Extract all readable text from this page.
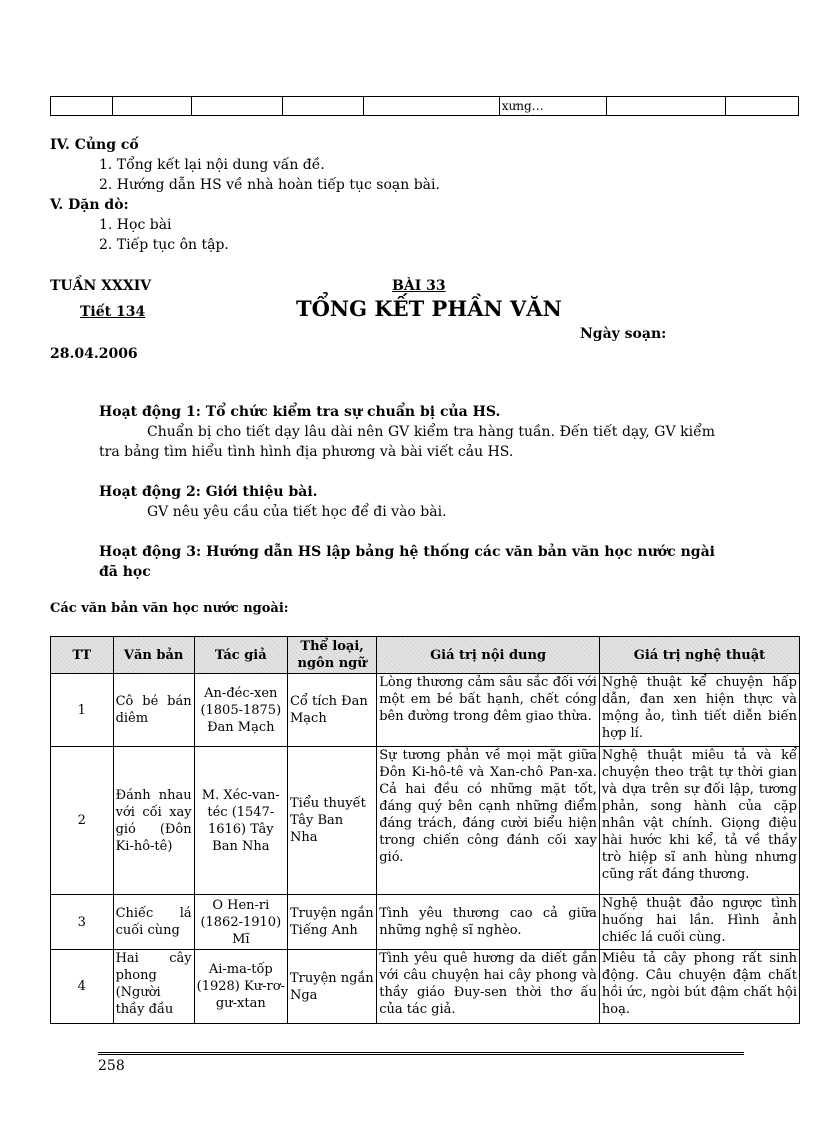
					xưng…		
IV. Củng cố
1. Tổng kết lại nội dung vấn đề.
2. Hướng dẫn HS về nhà hoàn tiếp tục soạn bài.
V. Dặn dò:
1. Học bài
2. Tiếp tục ôn tập.
TUẦN XXXIV
Tiết 134
BÀI 33
TỔNG KẾT PHẦN VĂN
Ngày soạn:
28.04.2006
Hoạt động 1: Tổ chức kiểm tra sự chuẩn bị của HS.
Chuẩn bị cho tiết dạy lâu dài nên GV kiểm tra hàng tuần. Đến tiết dạy, GV kiểm tra bảng tìm hiểu tình hình địa phương và bài viết cảu HS.
Hoạt động 2: Giới thiệu bài.
GV nêu yêu cầu của tiết học để đi vào bài.
Hoạt động 3: Hướng dẫn HS lập bảng hệ thống các văn bản văn học nước ngài đã học
Các văn bản văn học nước ngoài:
TT	Văn bản	Tác giả	Thể loại, ngôn ngữ	Giá trị nội dung	Giá trị nghệ thuật
1	Cô bé bán diêm	An-đéc-xen (1805-1875) Đan Mạch	Cổ tích Đan Mạch	Lòng thương cảm sâu sắc đối với một em bé bất hạnh, chết cóng bên đường trong đêm giao thừa.	Nghệ thuật kể chuyện hấp dẫn, đan xen hiện thực và mộng ảo, tình tiết diễn biến hợp lí.
2	Đánh nhau với cối xay gió (Đôn Ki-hô-tê)	M. Xéc-van-téc (1547-1616) Tây Ban Nha	Tiểu thuyết Tây Ban Nha	Sự tương phản về mọi mặt giữa Đôn Ki-hô-tê và Xan-chô Pan-xa. Cả hai đều có những mặt tốt, đáng quý bên cạnh những điểm đáng trách, đáng cười biểu hiện trong chiến công đánh cối xay gió.	Nghệ thuật miêu tả và kể chuyện theo trật tự thời gian và dựa trên sự đối lập, tương phản, song hành của cặp nhân vật chính. Giọng điệu hài hước khi kể, tả về thầy trò hiệp sĩ anh hùng nhưng cũng rất đáng thương.
3	Chiếc lá cuối cùng	O Hen-ri (1862-1910) Mĩ	Truyện ngắn Tiếng Anh	Tình yêu thương cao cả giữa những nghệ sĩ nghèo.	Nghệ thuật đảo ngược tình huống hai lần. Hình ảnh chiếc lá cuối cùng.
4	Hai cây phong (Người thầy đầu	Ai-ma-tốp (1928) Kư-rơ-gư-xtan	Truyện ngắn Nga	Tình yêu quê hương da diết gắn với câu chuyện hai cây phong và thầy giáo Đuy-sen thời thơ ấu của tác giả.	Miêu tả cây phong rất sinh động. Câu chuyện đậm chất hồi ức, ngòi bút đậm chất hội hoạ.
258
